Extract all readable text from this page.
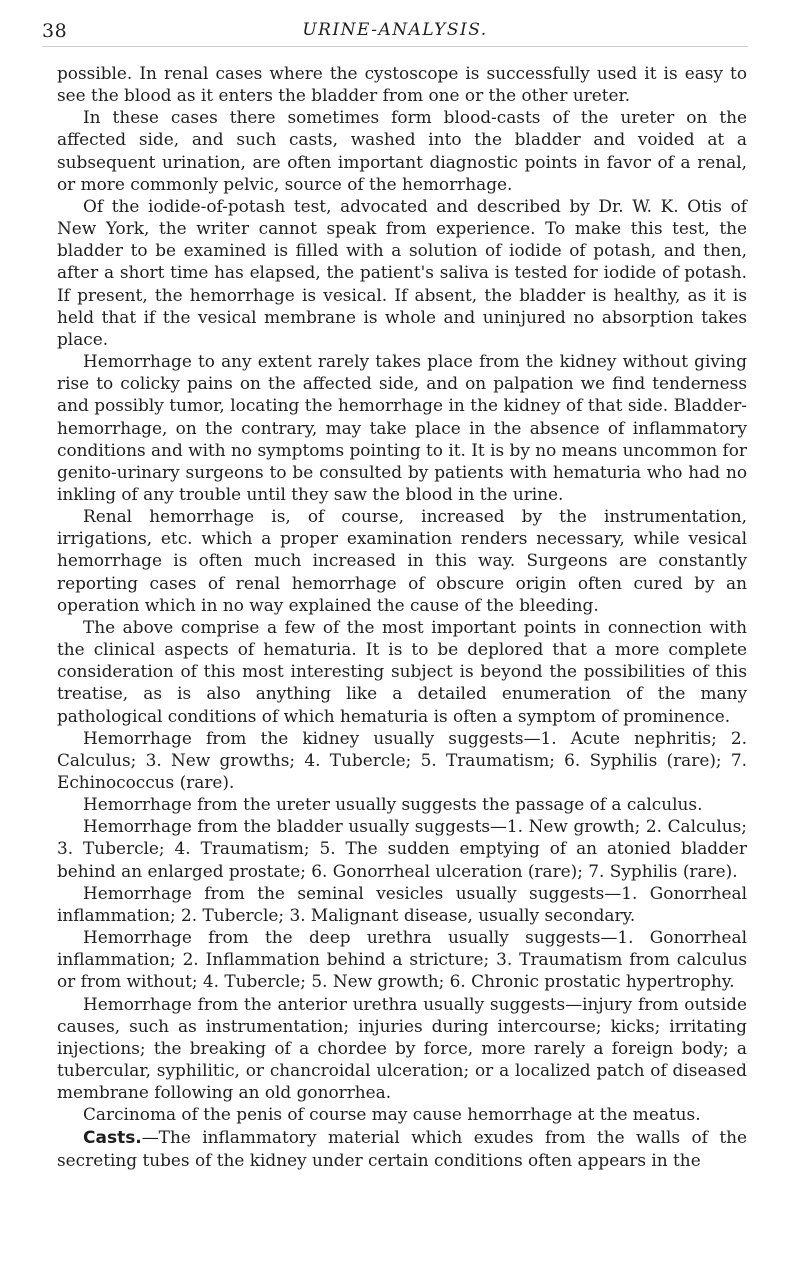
38	URINE-ANALYSIS.

possible. In renal cases where the cystoscope is successfully used it is easy to see the blood as it enters the bladder from one or the other ureter.

In these cases there sometimes form blood-casts of the ureter on the affected side, and such casts, washed into the bladder and voided at a subsequent urination, are often important diagnostic points in favor of a renal, or more commonly pelvic, source of the hemorrhage.

Of the iodide-of-potash test, advocated and described by Dr. W. K. Otis of New York, the writer cannot speak from experience. To make this test, the bladder to be examined is filled with a solution of iodide of potash, and then, after a short time has elapsed, the patient's saliva is tested for iodide of potash. If present, the hemorrhage is vesical. If absent, the bladder is healthy, as it is held that if the vesical membrane is whole and uninjured no absorption takes place.

Hemorrhage to any extent rarely takes place from the kidney without giving rise to colicky pains on the affected side, and on palpation we find tenderness and possibly tumor, locating the hemorrhage in the kidney of that side. Bladder-hemorrhage, on the contrary, may take place in the absence of inflammatory conditions and with no symptoms pointing to it. It is by no means uncommon for genito-urinary surgeons to be consulted by patients with hematuria who had no inkling of any trouble until they saw the blood in the urine.

Renal hemorrhage is, of course, increased by the instrumentation, irrigations, etc. which a proper examination renders necessary, while vesical hemorrhage is often much increased in this way. Surgeons are constantly reporting cases of renal hemorrhage of obscure origin often cured by an operation which in no way explained the cause of the bleeding.

The above comprise a few of the most important points in connection with the clinical aspects of hematuria. It is to be deplored that a more complete consideration of this most interesting subject is beyond the possibilities of this treatise, as is also anything like a detailed enumeration of the many pathological conditions of which hematuria is often a symptom of prominence.

Hemorrhage from the kidney usually suggests—1. Acute nephritis; 2. Calculus; 3. New growths; 4. Tubercle; 5. Traumatism; 6. Syphilis (rare); 7. Echinococcus (rare).

Hemorrhage from the ureter usually suggests the passage of a calculus.

Hemorrhage from the bladder usually suggests—1. New growth; 2. Calculus; 3. Tubercle; 4. Traumatism; 5. The sudden emptying of an atonied bladder behind an enlarged prostate; 6. Gonorrheal ulceration (rare); 7. Syphilis (rare).

Hemorrhage from the seminal vesicles usually suggests—1. Gonorrheal inflammation; 2. Tubercle; 3. Malignant disease, usually secondary.

Hemorrhage from the deep urethra usually suggests—1. Gonorrheal inflammation; 2. Inflammation behind a stricture; 3. Traumatism from calculus or from without; 4. Tubercle; 5. New growth; 6. Chronic prostatic hypertrophy.

Hemorrhage from the anterior urethra usually suggests—injury from outside causes, such as instrumentation; injuries during intercourse; kicks; irritating injections; the breaking of a chordee by force, more rarely a foreign body; a tubercular, syphilitic, or chancroidal ulceration; or a localized patch of diseased membrane following an old gonorrhea.

Carcinoma of the penis of course may cause hemorrhage at the meatus.

Casts.—The inflammatory material which exudes from the walls of the secreting tubes of the kidney under certain conditions often appears in the
